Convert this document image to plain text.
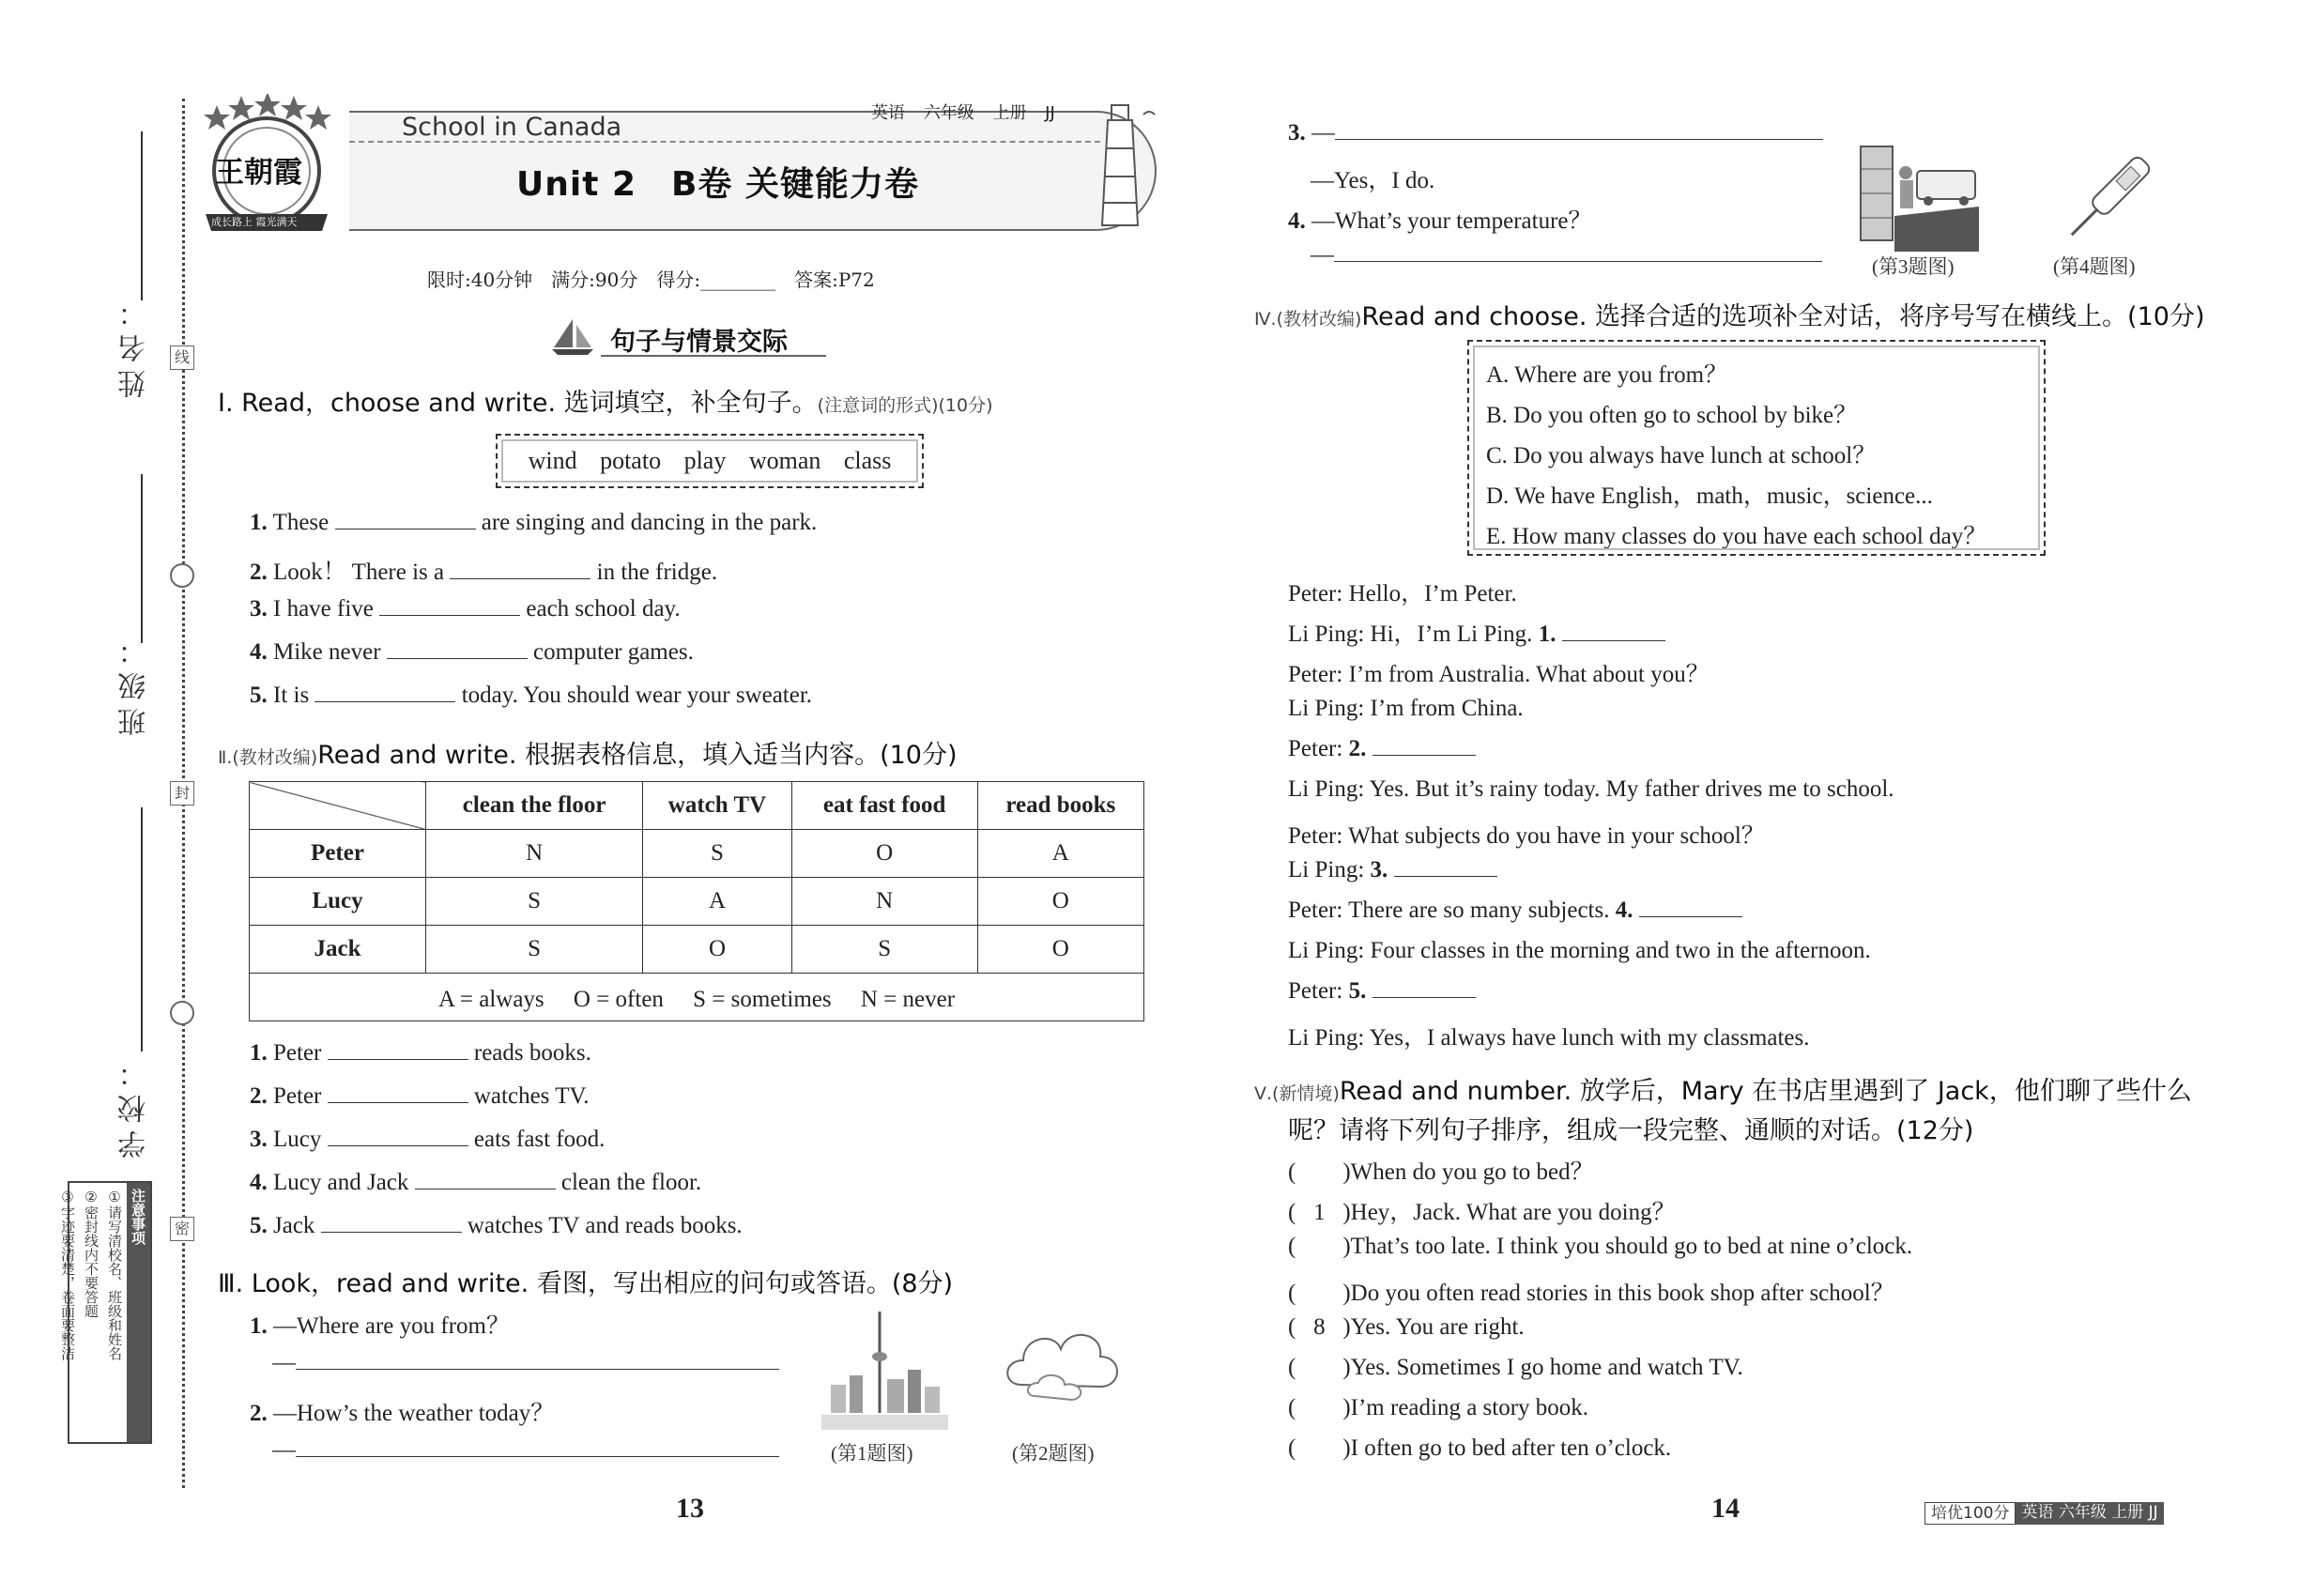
姓名：
班级：
学校：
线
封
密
注意事项
①请写清校名、班级和姓名
②密封线内不要答题
③字迹要清楚，卷面要整洁
王朝霞
成长路上 霞光满天
School in Canada
Unit 2　B卷 关键能力卷
英语 六年级 上册 JJ
限时:40分钟　满分:90分　得分:________　答案:P72
句子与情景交际
Ⅰ. Read，choose and write. 选词填空，补全句子。(注意词的形式)(10分)
wind potato play woman class
1. These	are singing and dancing in the park.
2. Look！ There is a	in the fridge.
3. I have five	each school day.
4. Mike never	computer games.
5. It is	today. You should wear your sweater.
Ⅱ.(教材改编)Read and write. 根据表格信息，填入适当内容。(10分)
	clean the floor	watch TV	eat fast food	read books
Peter	N	S	O	A
Lucy	S	A	N	O
Jack	S	O	S	O
A = always　 O = often　 S = sometimes　 N = never				
1. Peter	reads books.
2. Peter	watches TV.
3. Lucy	eats fast food.
4. Lucy and Jack	clean the floor.
5. Jack	watches TV and reads books.
Ⅲ. Look，read and write. 看图，写出相应的问句或答语。(8分)
1. —Where are you from？
—
2. —How’s the weather today？
—	(第1题图)	(第2题图)
13
3. —
—Yes，I do.
4. —What’s your temperature？
—	(第3题图)	(第4题图)
Ⅳ.(教材改编)Read and choose. 选择合适的选项补全对话，将序号写在横线上。(10分)
A. Where are you from？
B. Do you often go to school by bike？
C. Do you always have lunch at school？
D. We have English，math，music，science...
E. How many classes do you have each school day？
Peter: Hello，I’m Peter.
Li Ping: Hi，I’m Li Ping. 1.
Peter: I’m from Australia. What about you？
Li Ping: I’m from China.
Peter: 2.
Li Ping: Yes. But it’s rainy today. My father drives me to school.
Peter: What subjects do you have in your school？
Li Ping: 3.
Peter: There are so many subjects. 4.
Li Ping: Four classes in the morning and two in the afternoon.
Peter: 5.
Li Ping: Yes，I always have lunch with my classmates.
Ⅴ.(新情境)Read and number. 放学后，Mary 在书店里遇到了 Jack，他们聊了些什么
呢？请将下列句子排序，组成一段完整、通顺的对话。(12分)
( )When do you go to bed？
( 1 )Hey，Jack. What are you doing？
( )That’s too late. I think you should go to bed at nine o’clock.
( )Do you often read stories in this book shop after school？
( 8 )Yes. You are right.
( )Yes. Sometimes I go home and watch TV.
( )I’m reading a story book.
( )I often go to bed after ten o’clock.
14	培优100分 英语 六年级 上册 JJ
